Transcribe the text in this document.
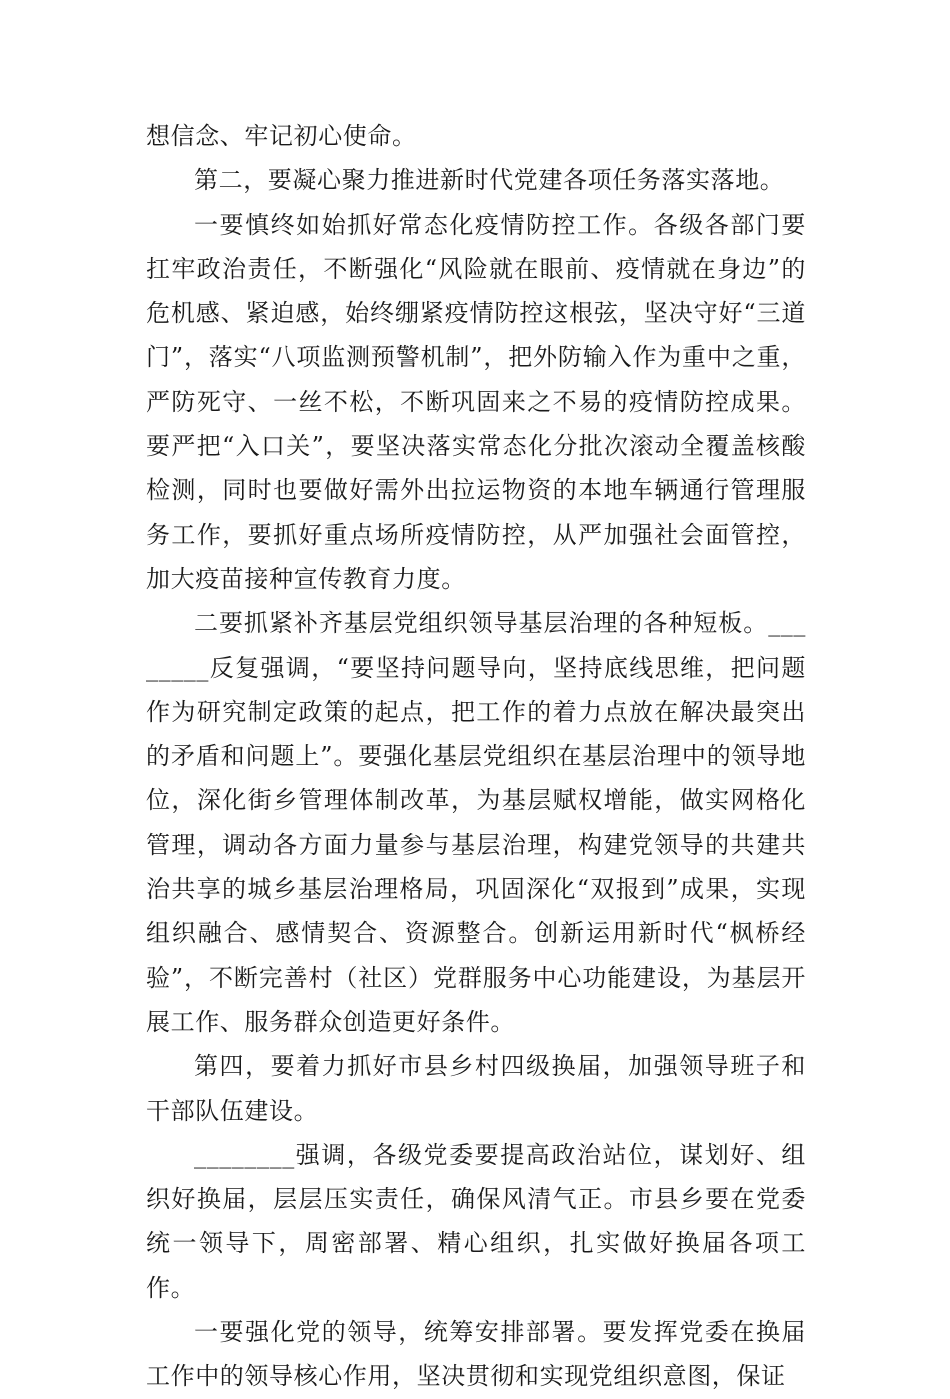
想信念、牢记初心使命。

第二，要凝心聚力推进新时代党建各项任务落实落地。

一要慎终如始抓好常态化疫情防控工作。各级各部门要扛牢政治责任，不断强化“风险就在眼前、疫情就在身边”的危机感、紧迫感，始终绷紧疫情防控这根弦，坚决守好“三道门”，落实“八项监测预警机制”，把外防输入作为重中之重，严防死守、一丝不松，不断巩固来之不易的疫情防控成果。要严把“入口关”，要坚决落实常态化分批次滚动全覆盖核酸检测，同时也要做好需外出拉运物资的本地车辆通行管理服务工作，要抓好重点场所疫情防控，从严加强社会面管控，加大疫苗接种宣传教育力度。

二要抓紧补齐基层党组织领导基层治理的各种短板。________反复强调，“要坚持问题导向，坚持底线思维，把问题作为研究制定政策的起点，把工作的着力点放在解决最突出的矛盾和问题上”。要强化基层党组织在基层治理中的领导地位，深化街乡管理体制改革，为基层赋权增能，做实网格化管理，调动各方面力量参与基层治理，构建党领导的共建共治共享的城乡基层治理格局，巩固深化“双报到”成果，实现组织融合、感情契合、资源整合。创新运用新时代“枫桥经验”，不断完善村（社区）党群服务中心功能建设，为基层开展工作、服务群众创造更好条件。

第四，要着力抓好市县乡村四级换届，加强领导班子和干部队伍建设。

________强调，各级党委要提高政治站位，谋划好、组织好换届，层层压实责任，确保风清气正。市县乡要在党委统一领导下，周密部署、精心组织，扎实做好换届各项工作。

一要强化党的领导，统筹安排部署。要发挥党委在换届工作中的领导核心作用，坚决贯彻和实现党组织意图，保证
